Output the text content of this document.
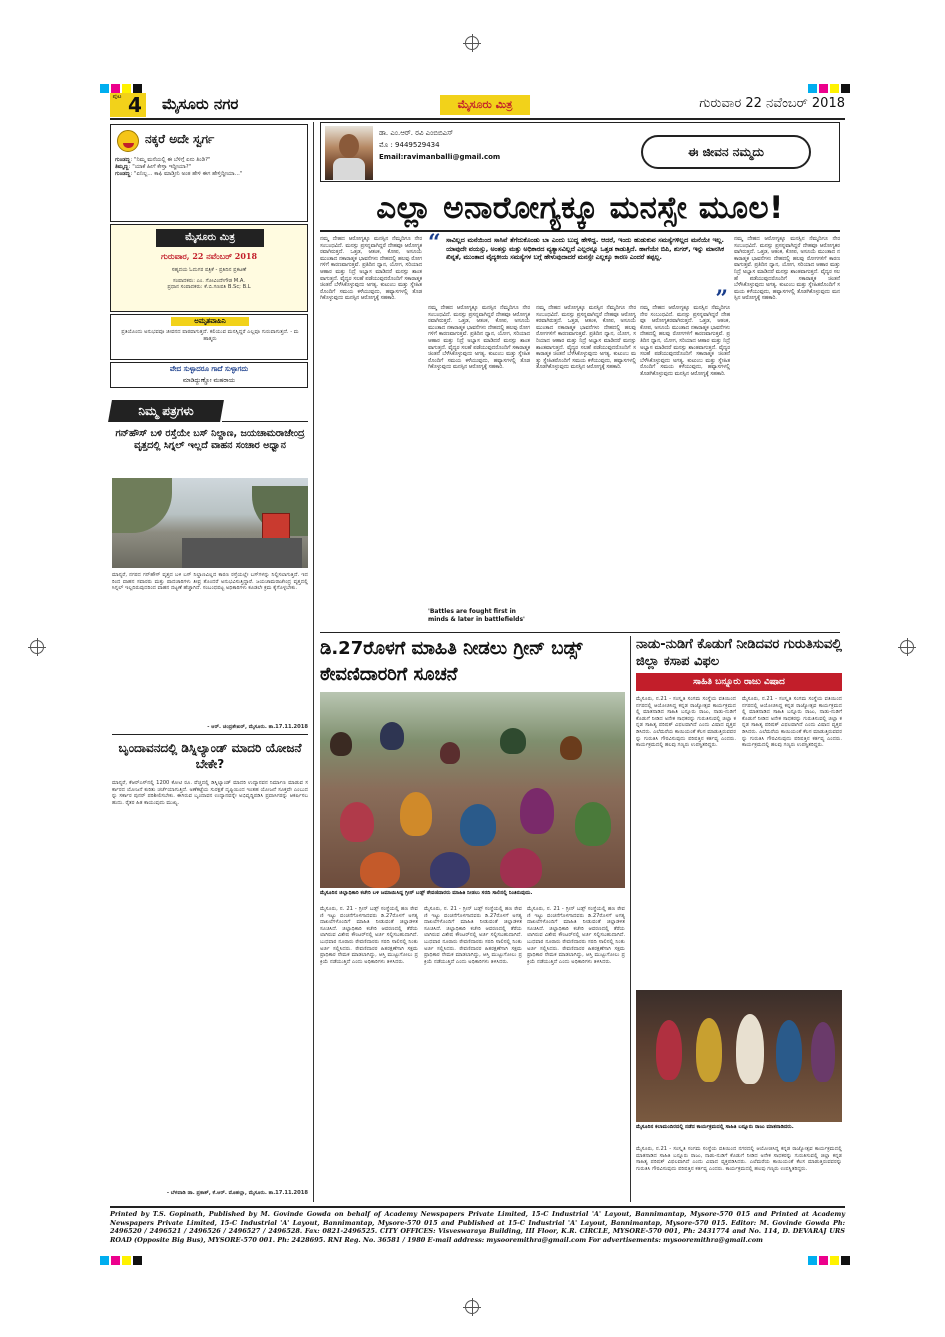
ಪುಟ 4 ಮೈಸೂರು ನಗರ	ಮೈಸೂರು ಮಿತ್ರ	ಗುರುವಾರ 22 ನವೆಂಬರ್ 2018
ನಕ್ಕರೆ ಅದೇ ಸ್ವರ್ಗ
ಗುಂಡಣ್ಣ: "ನಿಮ್ಮ ಮನೆಯಲ್ಲಿ ಈ ಬೆಳಿಗ್ಗೆ ಏನು ತಿಂಡಿ?"
ತಿಮ್ಮಣ್ಣ: "ಯಾಕೆ ಹೀಗೆ ಕೇಳ್ತಾ ಇದ್ದೀಯಾ?"
ಗುಂಡಣ್ಣ: "ಏನಿಲ್ಲ... ಕಾಫಿ ಮಾಡ್ತೀನಿ ಅಂತ ಹೇಳಿ ಈಗ ಹೇಳ್ತಿದ್ದೀಯಾ..."
ಮೈಸೂರು ಮಿತ್ರ
ಗುರುವಾರ, 22 ನವೆಂಬರ್ 2018
ಸಹೃದಯ ಓದುಗರ ಪತ್ರಿಕೆ - ಪ್ರತಿದಿನ ಪ್ರಕಟಣೆ
ಸಂಪಾದಕರು: ಎಂ. ಗೋವಿಂದೇಗೌಡ M.A.
ಪ್ರಧಾನ ಸಂಪಾದಕರು: ಕೆ.ಬಿ.ಗಣಪತಿ B.Sc; B.L
ಅಮೃತವಾಹಿನಿ
ಪ್ರತಿಯೊಂದು ಅನುಭವವೂ ಜೀವನದ ಪಾಠವಾಗುತ್ತದೆ. ಕಲಿಯುವ ಮನಸ್ಸಿದ್ದರೆ ಎಲ್ಲವೂ ಗುರುವಾಗುತ್ತದೆ. - ಮಹಾತ್ಮರು
ವೇದ ಸುಳ್ಳಾದರೂ ಗಾದೆ ಸುಳ್ಳಾಗದು
ಮಾಡಿದ್ದುಣ್ಣೋ ಮಹರಾಯ
ನಿಮ್ಮ ಪತ್ರಗಳು
ಗನ್‌ಹೌಸ್ ಬಳಿ ರಸ್ತೆಯೇ ಬಸ್ ನಿಲ್ದಾಣ, ಜಯಚಾಮರಾಜೇಂದ್ರ ವೃತ್ತದಲ್ಲಿ ಸಿಗ್ನಲ್ ಇಲ್ಲದೆ ವಾಹನ ಸಂಚಾರ ಅಧ್ವಾನ
ಮಾನ್ಯರೆ, ನಗರದ ಗನ್‌ಹೌಸ್ ವೃತ್ತದ ಬಳಿ ಬಸ್ ನಿಲ್ದಾಣವಿಲ್ಲದ ಕಾರಣ ರಸ್ತೆಯಲ್ಲೇ ಬಸ್‌ಗಳನ್ನು ನಿಲ್ಲಿಸಲಾಗುತ್ತಿದೆ. ಇದರಿಂದ ವಾಹನ ಸವಾರರು ಮತ್ತು ಪಾದಚಾರಿಗಳು ತೀವ್ರ ತೊಂದರೆ ಅನುಭವಿಸುತ್ತಿದ್ದಾರೆ. ಜಯಚಾಮರಾಜೇಂದ್ರ ವೃತ್ತದಲ್ಲಿ ಸಿಗ್ನಲ್ ಇಲ್ಲದಿರುವುದರಿಂದ ವಾಹನ ದಟ್ಟಣೆ ಹೆಚ್ಚಾಗಿದೆ. ಸಂಬಂಧಪಟ್ಟ ಅಧಿಕಾರಿಗಳು ಕೂಡಲೇ ಕ್ರಮ ಕೈಗೊಳ್ಳಬೇಕು.
- ಆರ್. ಚಂದ್ರಶೇಖರ್, ಮೈಸೂರು. ತಾ.17.11.2018
ಬೃಂದಾವನದಲ್ಲಿ ಡಿಸ್ನಿಲ್ಯಾಂಡ್ ಮಾದರಿ ಯೋಜನೆ ಬೇಕೇ?
ಮಾನ್ಯರೆ, ಕೆಆರ್‌ಎಸ್‌ನಲ್ಲಿ 1200 ಕೋಟಿ ರೂ. ವೆಚ್ಚದಲ್ಲಿ ಡಿಸ್ನಿಲ್ಯಾಂಡ್ ಮಾದರಿ ಉದ್ಯಾನವನ ನಿರ್ಮಾಣ ಮಾಡುವ ಸರ್ಕಾರದ ಯೋಜನೆ ಕುರಿತು ಚರ್ಚೆಯಾಗುತ್ತಿದೆ. ಅಣೆಕಟ್ಟೆಯ ಸುರಕ್ಷತೆ ದೃಷ್ಟಿಯಿಂದ ಇಂತಹ ಯೋಜನೆ ಸೂಕ್ತವೇ ಎಂಬುದನ್ನು ಸರ್ಕಾರ ಪುನರ್ ಪರಿಶೀಲಿಸಬೇಕು. ಈಗಿರುವ ಬೃಂದಾವನ ಉದ್ಯಾನವನ್ನೇ ಅಭಿವೃದ್ಧಿಪಡಿಸಿ ಪ್ರವಾಸಿಗರನ್ನು ಆಕರ್ಷಿಸಬಹುದು. ರೈತರ ಹಿತ ಕಾಯುವುದು ಮುಖ್ಯ.
- ಬೆಳವಾಡಿ ಡಾ. ಪ್ರಕಾಶ್, ಕೆ.ಆರ್. ಮೊಹಲ್ಲಾ, ಮೈಸೂರು. ತಾ.17.11.2018
ಡಾ. ಎಂ.ಆರ್. ರವಿ ಎಂಬಿಬಿಎಸ್
ಮೊ : 9449529434
Email:ravimanballi@gmail.com	ಈ ಜೀವನ ನಮ್ಮದು
ಎಲ್ಲಾ ಅನಾರೋಗ್ಯಕ್ಕೂ ಮನಸ್ಸೇ ಮೂಲ!
ನಮ್ಮ ದೇಹದ ಆರೋಗ್ಯಕ್ಕೂ ಮನಸ್ಸಿನ ನೆಮ್ಮದಿಗೂ ನೇರ ಸಂಬಂಧವಿದೆ. ಮನಸ್ಸು ಪ್ರಸನ್ನವಾಗಿದ್ದರೆ ದೇಹವೂ ಆರೋಗ್ಯಕರವಾಗಿರುತ್ತದೆ. ಒತ್ತಡ, ಆತಂಕ, ಕೋಪ, ಅಸೂಯೆ ಮುಂತಾದ ನಕಾರಾತ್ಮಕ ಭಾವನೆಗಳು ದೇಹದಲ್ಲಿ ಹಲವು ರೋಗಗಳಿಗೆ ಕಾರಣವಾಗುತ್ತವೆ. ಪ್ರತಿದಿನ ಧ್ಯಾನ, ಯೋಗ, ಸರಿಯಾದ ಆಹಾರ ಮತ್ತು ನಿದ್ರೆ ಅಭ್ಯಾಸ ಮಾಡಿದರೆ ಮನಸ್ಸು ಶಾಂತವಾಗುತ್ತದೆ. ವೈದ್ಯರ ಸಲಹೆ ಪಡೆಯುವುದರೊಂದಿಗೆ ಸಕಾರಾತ್ಮಕ ಚಿಂತನೆ ಬೆಳೆಸಿಕೊಳ್ಳುವುದು ಅಗತ್ಯ. ಕುಟುಂಬ ಮತ್ತು ಸ್ನೇಹಿತರೊಂದಿಗೆ ಸಮಯ ಕಳೆಯುವುದು, ಹವ್ಯಾಸಗಳಲ್ಲಿ ತೊಡಗಿಕೊಳ್ಳುವುದು ಮನಸ್ಸಿನ ಆರೋಗ್ಯಕ್ಕೆ ಸಹಕಾರಿ.
“ ಸಾವಿಲ್ಲದ ಮನೆಯಿಂದ ಸಾಸಿವೆ ತೆಗೆದುಕೊಂಡು ಬಾ ಎಂದು ಬುದ್ಧ ಹೇಳಿದ್ದ. ಆದರೆ, ಇಂದು ಹುಡುಕುವ ಸಮಸ್ಯೆಗಳಿಲ್ಲದ ಮನೆಯೇ ಇಲ್ಲ. ಯಾವುದೇ ವಯಸ್ಸು, ಅಂತಸ್ತು ಮತ್ತು ಅಧಿಕಾರದ ವ್ಯತ್ಯಾಸವಿಲ್ಲದೆ ಎಲ್ಲರನ್ನೂ ಒತ್ತಡ ಕಾಡುತ್ತಿದೆ. ಹಾಗೆಯೇ ಬಿಪಿ, ಶುಗರ್, ಇನ್ನು ಮಾನಸಿಕ ಖಿನ್ನತೆ, ಮುಂತಾದ ವೈದ್ಯಕೀಯ ಸಮಸ್ಯೆಗಳ ಬಗ್ಗೆ ಹೇಳುವುದಾದರೆ ಮನಸ್ಸೇ ಎಲ್ಲಕ್ಕೂ ಕಾರಣ ಎಂದರೆ ತಪ್ಪಲ್ಲ.
”
ನಮ್ಮ ದೇಹದ ಆರೋಗ್ಯಕ್ಕೂ ಮನಸ್ಸಿನ ನೆಮ್ಮದಿಗೂ ನೇರ ಸಂಬಂಧವಿದೆ. ಮನಸ್ಸು ಪ್ರಸನ್ನವಾಗಿದ್ದರೆ ದೇಹವೂ ಆರೋಗ್ಯಕರವಾಗಿರುತ್ತದೆ. ಒತ್ತಡ, ಆತಂಕ, ಕೋಪ, ಅಸೂಯೆ ಮುಂತಾದ ನಕಾರಾತ್ಮಕ ಭಾವನೆಗಳು ದೇಹದಲ್ಲಿ ಹಲವು ರೋಗಗಳಿಗೆ ಕಾರಣವಾಗುತ್ತವೆ. ಪ್ರತಿದಿನ ಧ್ಯಾನ, ಯೋಗ, ಸರಿಯಾದ ಆಹಾರ ಮತ್ತು ನಿದ್ರೆ ಅಭ್ಯಾಸ ಮಾಡಿದರೆ ಮನಸ್ಸು ಶಾಂತವಾಗುತ್ತದೆ. ವೈದ್ಯರ ಸಲಹೆ ಪಡೆಯುವುದರೊಂದಿಗೆ ಸಕಾರಾತ್ಮಕ ಚಿಂತನೆ ಬೆಳೆಸಿಕೊಳ್ಳುವುದು ಅಗತ್ಯ. ಕುಟುಂಬ ಮತ್ತು ಸ್ನೇಹಿತರೊಂದಿಗೆ ಸಮಯ ಕಳೆಯುವುದು, ಹವ್ಯಾಸಗಳಲ್ಲಿ ತೊಡಗಿಕೊಳ್ಳುವುದು ಮನಸ್ಸಿನ ಆರೋಗ್ಯಕ್ಕೆ ಸಹಕಾರಿ.
'Battles are fought first in minds & later in battlefields'
ನಮ್ಮ ದೇಹದ ಆರೋಗ್ಯಕ್ಕೂ ಮನಸ್ಸಿನ ನೆಮ್ಮದಿಗೂ ನೇರ ಸಂಬಂಧವಿದೆ. ಮನಸ್ಸು ಪ್ರಸನ್ನವಾಗಿದ್ದರೆ ದೇಹವೂ ಆರೋಗ್ಯಕರವಾಗಿರುತ್ತದೆ. ಒತ್ತಡ, ಆತಂಕ, ಕೋಪ, ಅಸೂಯೆ ಮುಂತಾದ ನಕಾರಾತ್ಮಕ ಭಾವನೆಗಳು ದೇಹದಲ್ಲಿ ಹಲವು ರೋಗಗಳಿಗೆ ಕಾರಣವಾಗುತ್ತವೆ. ಪ್ರತಿದಿನ ಧ್ಯಾನ, ಯೋಗ, ಸರಿಯಾದ ಆಹಾರ ಮತ್ತು ನಿದ್ರೆ ಅಭ್ಯಾಸ ಮಾಡಿದರೆ ಮನಸ್ಸು ಶಾಂತವಾಗುತ್ತದೆ. ವೈದ್ಯರ ಸಲಹೆ ಪಡೆಯುವುದರೊಂದಿಗೆ ಸಕಾರಾತ್ಮಕ ಚಿಂತನೆ ಬೆಳೆಸಿಕೊಳ್ಳುವುದು ಅಗತ್ಯ. ಕುಟುಂಬ ಮತ್ತು ಸ್ನೇಹಿತರೊಂದಿಗೆ ಸಮಯ ಕಳೆಯುವುದು, ಹವ್ಯಾಸಗಳಲ್ಲಿ ತೊಡಗಿಕೊಳ್ಳುವುದು ಮನಸ್ಸಿನ ಆರೋಗ್ಯಕ್ಕೆ ಸಹಕಾರಿ.
ನಮ್ಮ ದೇಹದ ಆರೋಗ್ಯಕ್ಕೂ ಮನಸ್ಸಿನ ನೆಮ್ಮದಿಗೂ ನೇರ ಸಂಬಂಧವಿದೆ. ಮನಸ್ಸು ಪ್ರಸನ್ನವಾಗಿದ್ದರೆ ದೇಹವೂ ಆರೋಗ್ಯಕರವಾಗಿರುತ್ತದೆ. ಒತ್ತಡ, ಆತಂಕ, ಕೋಪ, ಅಸೂಯೆ ಮುಂತಾದ ನಕಾರಾತ್ಮಕ ಭಾವನೆಗಳು ದೇಹದಲ್ಲಿ ಹಲವು ರೋಗಗಳಿಗೆ ಕಾರಣವಾಗುತ್ತವೆ. ಪ್ರತಿದಿನ ಧ್ಯಾನ, ಯೋಗ, ಸರಿಯಾದ ಆಹಾರ ಮತ್ತು ನಿದ್ರೆ ಅಭ್ಯಾಸ ಮಾಡಿದರೆ ಮನಸ್ಸು ಶಾಂತವಾಗುತ್ತದೆ. ವೈದ್ಯರ ಸಲಹೆ ಪಡೆಯುವುದರೊಂದಿಗೆ ಸಕಾರಾತ್ಮಕ ಚಿಂತನೆ ಬೆಳೆಸಿಕೊಳ್ಳುವುದು ಅಗತ್ಯ. ಕುಟುಂಬ ಮತ್ತು ಸ್ನೇಹಿತರೊಂದಿಗೆ ಸಮಯ ಕಳೆಯುವುದು, ಹವ್ಯಾಸಗಳಲ್ಲಿ ತೊಡಗಿಕೊಳ್ಳುವುದು ಮನಸ್ಸಿನ ಆರೋಗ್ಯಕ್ಕೆ ಸಹಕಾರಿ.
ನಮ್ಮ ದೇಹದ ಆರೋಗ್ಯಕ್ಕೂ ಮನಸ್ಸಿನ ನೆಮ್ಮದಿಗೂ ನೇರ ಸಂಬಂಧವಿದೆ. ಮನಸ್ಸು ಪ್ರಸನ್ನವಾಗಿದ್ದರೆ ದೇಹವೂ ಆರೋಗ್ಯಕರವಾಗಿರುತ್ತದೆ. ಒತ್ತಡ, ಆತಂಕ, ಕೋಪ, ಅಸೂಯೆ ಮುಂತಾದ ನಕಾರಾತ್ಮಕ ಭಾವನೆಗಳು ದೇಹದಲ್ಲಿ ಹಲವು ರೋಗಗಳಿಗೆ ಕಾರಣವಾಗುತ್ತವೆ. ಪ್ರತಿದಿನ ಧ್ಯಾನ, ಯೋಗ, ಸರಿಯಾದ ಆಹಾರ ಮತ್ತು ನಿದ್ರೆ ಅಭ್ಯಾಸ ಮಾಡಿದರೆ ಮನಸ್ಸು ಶಾಂತವಾಗುತ್ತದೆ. ವೈದ್ಯರ ಸಲಹೆ ಪಡೆಯುವುದರೊಂದಿಗೆ ಸಕಾರಾತ್ಮಕ ಚಿಂತನೆ ಬೆಳೆಸಿಕೊಳ್ಳುವುದು ಅಗತ್ಯ. ಕುಟುಂಬ ಮತ್ತು ಸ್ನೇಹಿತರೊಂದಿಗೆ ಸಮಯ ಕಳೆಯುವುದು, ಹವ್ಯಾಸಗಳಲ್ಲಿ ತೊಡಗಿಕೊಳ್ಳುವುದು ಮನಸ್ಸಿನ ಆರೋಗ್ಯಕ್ಕೆ ಸಹಕಾರಿ.
ಡಿ.27ರೊಳಗೆ ಮಾಹಿತಿ ನೀಡಲು ಗ್ರೀನ್ ಬಡ್ಸ್ ಠೇವಣಿದಾರರಿಗೆ ಸೂಚನೆ
ಮೈಸೂರಿನ ಜಿಲ್ಲಾಧಿಕಾರಿ ಕಚೇರಿ ಬಳಿ ಜಮಾಯಿಸಿದ್ದ ಗ್ರೀನ್ ಬಡ್ಸ್ ಠೇವಣಿದಾರರು ಮಾಹಿತಿ ನೀಡಲು ಸರದಿ ಸಾಲಿನಲ್ಲಿ ನಿಂತಿರುವುದು.
ಮೈಸೂರು, ನ. 21 - ಗ್ರೀನ್ ಬಡ್ಸ್ ಸಂಸ್ಥೆಯಲ್ಲಿ ಹಣ ಠೇವಣಿ ಇಟ್ಟು ವಂಚನೆಗೊಳಗಾದವರು ಡಿ.27ರೊಳಗೆ ಅಗತ್ಯ ದಾಖಲೆಗಳೊಂದಿಗೆ ಮಾಹಿತಿ ನೀಡುವಂತೆ ಜಿಲ್ಲಾಡಳಿತ ಸೂಚಿಸಿದೆ. ಜಿಲ್ಲಾಧಿಕಾರಿ ಕಚೇರಿ ಆವರಣದಲ್ಲಿ ತೆರೆಯಲಾಗಿರುವ ವಿಶೇಷ ಕೌಂಟರ್‌ನಲ್ಲಿ ಅರ್ಜಿ ಸಲ್ಲಿಸಬಹುದಾಗಿದೆ. ಬುಧವಾರ ನೂರಾರು ಠೇವಣಿದಾರರು ಸರದಿ ಸಾಲಿನಲ್ಲಿ ನಿಂತು ಅರ್ಜಿ ಸಲ್ಲಿಸಿದರು. ಠೇವಣಿದಾರರ ಹಿತರಕ್ಷಣೆಗಾಗಿ ಸಕ್ಷಮ ಪ್ರಾಧಿಕಾರ ನೇಮಕ ಮಾಡಲಾಗಿದ್ದು, ಆಸ್ತಿ ಮುಟ್ಟುಗೋಲು ಪ್ರಕ್ರಿಯೆ ನಡೆಯುತ್ತಿದೆ ಎಂದು ಅಧಿಕಾರಿಗಳು ತಿಳಿಸಿದರು.
ಮೈಸೂರು, ನ. 21 - ಗ್ರೀನ್ ಬಡ್ಸ್ ಸಂಸ್ಥೆಯಲ್ಲಿ ಹಣ ಠೇವಣಿ ಇಟ್ಟು ವಂಚನೆಗೊಳಗಾದವರು ಡಿ.27ರೊಳಗೆ ಅಗತ್ಯ ದಾಖಲೆಗಳೊಂದಿಗೆ ಮಾಹಿತಿ ನೀಡುವಂತೆ ಜಿಲ್ಲಾಡಳಿತ ಸೂಚಿಸಿದೆ. ಜಿಲ್ಲಾಧಿಕಾರಿ ಕಚೇರಿ ಆವರಣದಲ್ಲಿ ತೆರೆಯಲಾಗಿರುವ ವಿಶೇಷ ಕೌಂಟರ್‌ನಲ್ಲಿ ಅರ್ಜಿ ಸಲ್ಲಿಸಬಹುದಾಗಿದೆ. ಬುಧವಾರ ನೂರಾರು ಠೇವಣಿದಾರರು ಸರದಿ ಸಾಲಿನಲ್ಲಿ ನಿಂತು ಅರ್ಜಿ ಸಲ್ಲಿಸಿದರು. ಠೇವಣಿದಾರರ ಹಿತರಕ್ಷಣೆಗಾಗಿ ಸಕ್ಷಮ ಪ್ರಾಧಿಕಾರ ನೇಮಕ ಮಾಡಲಾಗಿದ್ದು, ಆಸ್ತಿ ಮುಟ್ಟುಗೋಲು ಪ್ರಕ್ರಿಯೆ ನಡೆಯುತ್ತಿದೆ ಎಂದು ಅಧಿಕಾರಿಗಳು ತಿಳಿಸಿದರು.
ಮೈಸೂರು, ನ. 21 - ಗ್ರೀನ್ ಬಡ್ಸ್ ಸಂಸ್ಥೆಯಲ್ಲಿ ಹಣ ಠೇವಣಿ ಇಟ್ಟು ವಂಚನೆಗೊಳಗಾದವರು ಡಿ.27ರೊಳಗೆ ಅಗತ್ಯ ದಾಖಲೆಗಳೊಂದಿಗೆ ಮಾಹಿತಿ ನೀಡುವಂತೆ ಜಿಲ್ಲಾಡಳಿತ ಸೂಚಿಸಿದೆ. ಜಿಲ್ಲಾಧಿಕಾರಿ ಕಚೇರಿ ಆವರಣದಲ್ಲಿ ತೆರೆಯಲಾಗಿರುವ ವಿಶೇಷ ಕೌಂಟರ್‌ನಲ್ಲಿ ಅರ್ಜಿ ಸಲ್ಲಿಸಬಹುದಾಗಿದೆ. ಬುಧವಾರ ನೂರಾರು ಠೇವಣಿದಾರರು ಸರದಿ ಸಾಲಿನಲ್ಲಿ ನಿಂತು ಅರ್ಜಿ ಸಲ್ಲಿಸಿದರು. ಠೇವಣಿದಾರರ ಹಿತರಕ್ಷಣೆಗಾಗಿ ಸಕ್ಷಮ ಪ್ರಾಧಿಕಾರ ನೇಮಕ ಮಾಡಲಾಗಿದ್ದು, ಆಸ್ತಿ ಮುಟ್ಟುಗೋಲು ಪ್ರಕ್ರಿಯೆ ನಡೆಯುತ್ತಿದೆ ಎಂದು ಅಧಿಕಾರಿಗಳು ತಿಳಿಸಿದರು.
ನಾಡು-ನುಡಿಗೆ ಕೊಡುಗೆ ನೀಡಿದವರ ಗುರುತಿಸುವಲ್ಲಿ ಜಿಲ್ಲಾ ಕಸಾಪ ವಿಫಲ
ಸಾಹಿತಿ ಬನ್ನೂರು ರಾಜು ವಿಷಾದ
ಮೈಸೂರು, ನ.21 - ಸಂಸ್ಕೃತಿ ಸಂಗಮ ಸಂಸ್ಥೆಯ ವತಿಯಿಂದ ನಗರದಲ್ಲಿ ಆಯೋಜಿಸಿದ್ದ ಕನ್ನಡ ರಾಜ್ಯೋತ್ಸವ ಕಾರ್ಯಕ್ರಮದಲ್ಲಿ ಮಾತನಾಡಿದ ಸಾಹಿತಿ ಬನ್ನೂರು ರಾಜು, ನಾಡು-ನುಡಿಗೆ ಕೊಡುಗೆ ನೀಡಿದ ಅನೇಕ ಸಾಧಕರನ್ನು ಗುರುತಿಸುವಲ್ಲಿ ಜಿಲ್ಲಾ ಕನ್ನಡ ಸಾಹಿತ್ಯ ಪರಿಷತ್ ವಿಫಲವಾಗಿದೆ ಎಂದು ವಿಷಾದ ವ್ಯಕ್ತಪಡಿಸಿದರು. ಎಲೆಮರೆಯ ಕಾಯಿಯಂತೆ ಕೆಲಸ ಮಾಡುತ್ತಿರುವವರನ್ನು ಗುರುತಿಸಿ ಗೌರವಿಸುವುದು ಪರಿಷತ್ತಿನ ಕರ್ತವ್ಯ ಎಂದರು. ಕಾರ್ಯಕ್ರಮದಲ್ಲಿ ಹಲವು ಗಣ್ಯರು ಉಪಸ್ಥಿತರಿದ್ದರು.
ಮೈಸೂರು, ನ.21 - ಸಂಸ್ಕೃತಿ ಸಂಗಮ ಸಂಸ್ಥೆಯ ವತಿಯಿಂದ ನಗರದಲ್ಲಿ ಆಯೋಜಿಸಿದ್ದ ಕನ್ನಡ ರಾಜ್ಯೋತ್ಸವ ಕಾರ್ಯಕ್ರಮದಲ್ಲಿ ಮಾತನಾಡಿದ ಸಾಹಿತಿ ಬನ್ನೂರು ರಾಜು, ನಾಡು-ನುಡಿಗೆ ಕೊಡುಗೆ ನೀಡಿದ ಅನೇಕ ಸಾಧಕರನ್ನು ಗುರುತಿಸುವಲ್ಲಿ ಜಿಲ್ಲಾ ಕನ್ನಡ ಸಾಹಿತ್ಯ ಪರಿಷತ್ ವಿಫಲವಾಗಿದೆ ಎಂದು ವಿಷಾದ ವ್ಯಕ್ತಪಡಿಸಿದರು. ಎಲೆಮರೆಯ ಕಾಯಿಯಂತೆ ಕೆಲಸ ಮಾಡುತ್ತಿರುವವರನ್ನು ಗುರುತಿಸಿ ಗೌರವಿಸುವುದು ಪರಿಷತ್ತಿನ ಕರ್ತವ್ಯ ಎಂದರು. ಕಾರ್ಯಕ್ರಮದಲ್ಲಿ ಹಲವು ಗಣ್ಯರು ಉಪಸ್ಥಿತರಿದ್ದರು.
ಮೈಸೂರಿನ ಕಲಾಮಂದಿರದಲ್ಲಿ ನಡೆದ ಕಾರ್ಯಕ್ರಮದಲ್ಲಿ ಸಾಹಿತಿ ಬನ್ನೂರು ರಾಜು ಮಾತನಾಡಿದರು.
ಮೈಸೂರು, ನ.21 - ಸಂಸ್ಕೃತಿ ಸಂಗಮ ಸಂಸ್ಥೆಯ ವತಿಯಿಂದ ನಗರದಲ್ಲಿ ಆಯೋಜಿಸಿದ್ದ ಕನ್ನಡ ರಾಜ್ಯೋತ್ಸವ ಕಾರ್ಯಕ್ರಮದಲ್ಲಿ ಮಾತನಾಡಿದ ಸಾಹಿತಿ ಬನ್ನೂರು ರಾಜು, ನಾಡು-ನುಡಿಗೆ ಕೊಡುಗೆ ನೀಡಿದ ಅನೇಕ ಸಾಧಕರನ್ನು ಗುರುತಿಸುವಲ್ಲಿ ಜಿಲ್ಲಾ ಕನ್ನಡ ಸಾಹಿತ್ಯ ಪರಿಷತ್ ವಿಫಲವಾಗಿದೆ ಎಂದು ವಿಷಾದ ವ್ಯಕ್ತಪಡಿಸಿದರು. ಎಲೆಮರೆಯ ಕಾಯಿಯಂತೆ ಕೆಲಸ ಮಾಡುತ್ತಿರುವವರನ್ನು ಗುರುತಿಸಿ ಗೌರವಿಸುವುದು ಪರಿಷತ್ತಿನ ಕರ್ತವ್ಯ ಎಂದರು. ಕಾರ್ಯಕ್ರಮದಲ್ಲಿ ಹಲವು ಗಣ್ಯರು ಉಪಸ್ಥಿತರಿದ್ದರು.
Printed by T.S. Gopinath, Published by M. Govinde Gowda on behalf of Academy Newspapers Private Limited, 15-C Industrial 'A' Layout, Bannimantap, Mysore-570 015 and Printed at Academy Newspapers Private Limited, 15-C Industrial 'A' Layout, Bannimantap, Mysore-570 015 and Published at 15-C Industrial 'A' Layout, Bannimantap, Mysore-570 015. Editor: M. Govinde Gowda Ph: 2496520 / 2496521 / 2496526 / 2496527 / 2496528. Fax: 0821-2496525. CITY OFFICES: Visveswaraya Building, III Floor, K.R. CIRCLE, MYSORE-570 001, Ph: 2431774 and No. 114, D. DEVARAJ URS ROAD (Opposite Big Bus), MYSORE-570 001. Ph: 2428695. RNI Reg. No. 36581 / 1980 E-mail address: mysooremithra@gmail.com For advertisements: mysooremithra@gmail.com
